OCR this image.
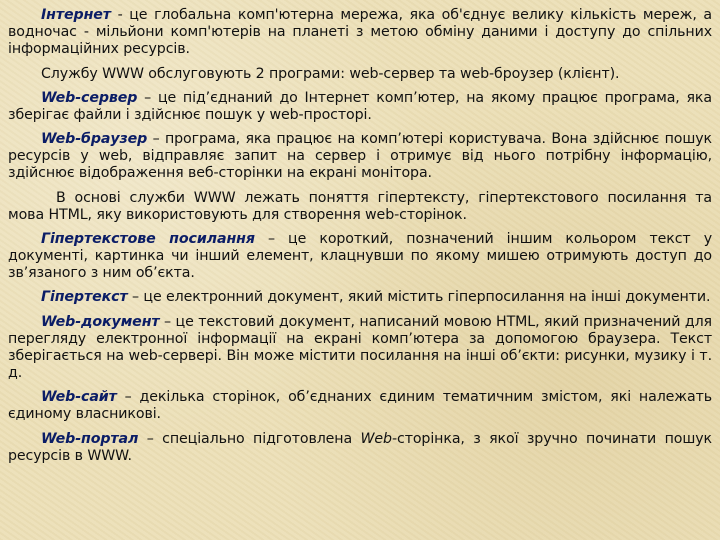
Інтернет - це глобальна комп'ютерна мережа, яка об'єднує велику кількість мереж, а водночас - мільйони комп'ютерів на планеті з метою обміну даними і доступу до спільних інформаційних ресурсів.

Службу WWW обслуговують 2 програми: web-сервер та web-броузер (клієнт).

Web-сервер – це під’єднаний до Інтернет комп’ютер, на якому працює програма, яка зберігає файли і здійснює пошук у web-просторі.

Web-браузер – програма, яка працює на комп’ютері користувача. Вона здійснює пошук ресурсів у web, відправляє запит на сервер і отримує від нього потрібну інформацію, здійснює відображення веб-сторінки на екрані монітора.

В основі служби WWW лежать поняття гіпертексту, гіпертекстового посилання та мова HTML, яку використовують для створення web-сторінок.

Гіпертекстове посилання – це короткий, позначений іншим кольором текст у документі, картинка чи інший елемент, клацнувши по якому мишею отримують доступ до зв’язаного з ним об’єкта.

Гіпертекст – це електронний документ, який містить гіперпосилання на інші документи.

Web-документ – це текстовий документ, написаний мовою HTML, який призначений для перегляду електронної інформації на екрані комп’ютера за допомогою браузера. Текст зберігається на web-сервері. Він може містити посилання на інші об’єкти: рисунки, музику і т. д.

Web-сайт – декілька сторінок, об’єднаних єдиним тематичним змістом, які належать єдиному власникові.

Web-портал – спеціально підготовлена Web-сторінка, з якої зручно починати пошук ресурсів в WWW.
